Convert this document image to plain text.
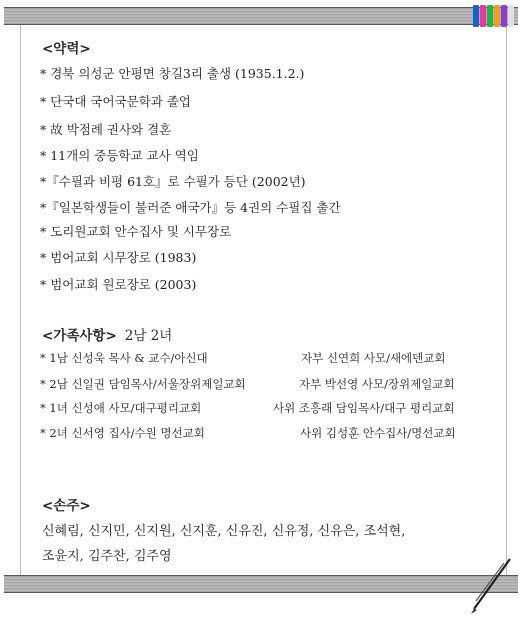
<약력>
* 경북 의성군 안평면 창길3리 출생 (1935.1.2.)
* 단국대 국어국문학과 졸업
* 故 박점례 권사와 결혼
* 11개의 중등학교 교사 역임
*『수필과 비평 61호』로 수필가 등단 (2002년)
*『일본학생들이 불러준 애국가』등 4권의 수필집 출간
* 도리원교회 안수집사 및 시무장로
* 범어교회 시무장로 (1983)
* 범어교회 원로장로 (2003)
<가족사항> 2남 2녀
* 1남 신성욱 목사 & 교수/아신대	자부 신연희 사모/새에덴교회
* 2남 신일권 담임목사/서울장위제일교회	자부 박선영 사모/장위제일교회
* 1녀 신성애 사모/대구평리교회	사위 조흥래 담임목사/대구 평리교회
* 2녀 신서영 집사/수원 명선교회	사위 김성훈 안수집사/명선교회
<손주>
신혜림, 신지민, 신지원, 신지훈, 신유진, 신유정, 신유은, 조석현,
조윤지, 김주찬, 김주영
